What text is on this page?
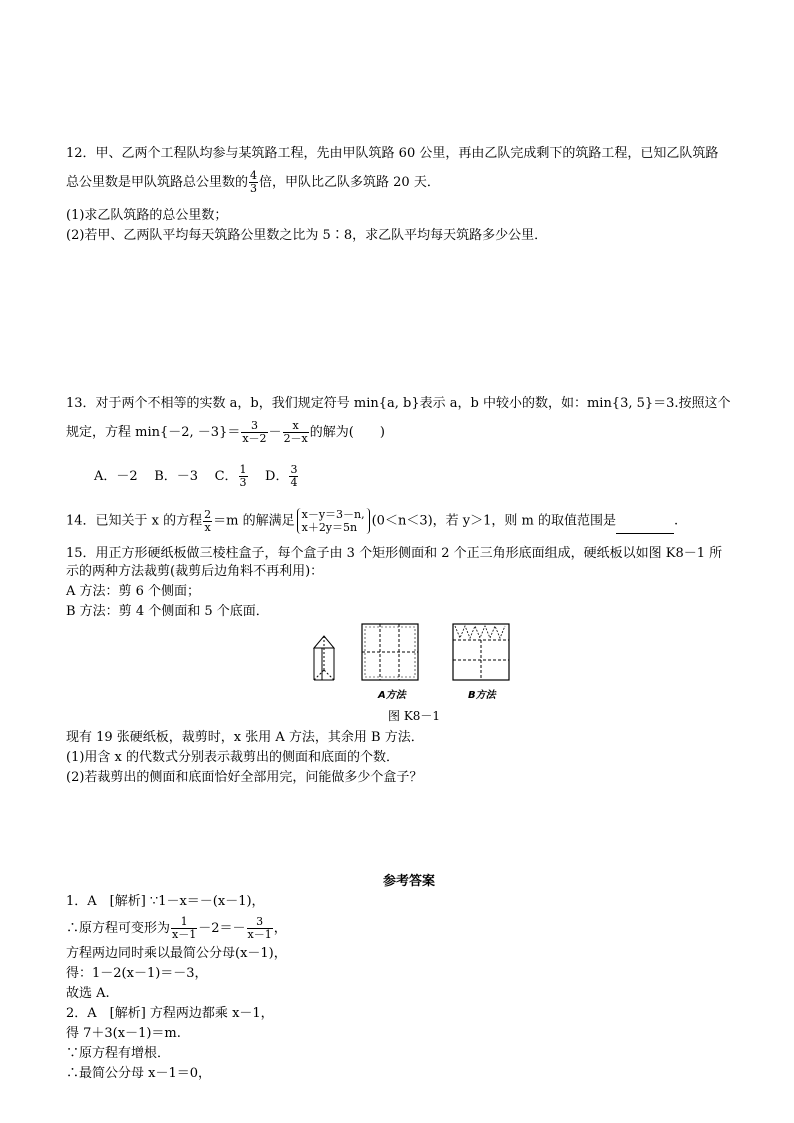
12．甲、乙两个工程队均参与某筑路工程，先由甲队筑路 60 公里，再由乙队完成剩下的筑路工程，已知乙队筑路
总公里数是甲队筑路总公里数的 $\frac{4}{3}$ 倍，甲队比乙队多筑路 20 天．
(1)求乙队筑路的总公里数；
(2)若甲、乙两队平均每天筑路公里数之比为 5∶8，求乙队平均每天筑路多少公里．
13．对于两个不相等的实数 a，b，我们规定符号 min{a, b}表示 a，b 中较小的数，如：min{3, 5}＝3.按照这个
规定，方程 min{－2, $-3\}= \frac{3}{x-2} - \frac{x}{2-x}$ 的解为(　　)
A．－2 B．－3 C． $\frac{1}{3}$ D． $\frac{3}{4}$
14．已知关于 x 的方程 $\frac{2}{x} =m$ 的解满足 x－y＝3－n,
x＋2y＝5n	(0＜n＜3)，若 y＞1，则 m 的取值范围是	.
15．用正方形硬纸板做三棱柱盒子，每个盒子由 3 个矩形侧面和 2 个正三角形底面组成，硬纸板以如图 K8－1 所
示的两种方法裁剪(裁剪后边角料不再利用)：
A 方法：剪 6 个侧面；
B 方法：剪 4 个侧面和 5 个底面．
A方法	B方法
图 K8－1
现有 19 张硬纸板，裁剪时，x 张用 A 方法，其余用 B 方法．
(1)用含 x 的代数式分别表示裁剪出的侧面和底面的个数．
(2)若裁剪出的侧面和底面恰好全部用完，问能做多少个盒子？
参考答案
1．A　[解析] ∵1－x＝－(x－1)，
∴原方程可变形为 $\frac{1}{x-1} -2=- \frac{3}{x-1}$ ，
方程两边同时乘以最简公分母(x－1)，
得：1－2(x－1)＝－3，
故选 A.
2．A　[解析] 方程两边都乘 x－1，
得 7＋3(x－1)＝m.
∵原方程有增根．
∴最简公分母 x－1＝0，
